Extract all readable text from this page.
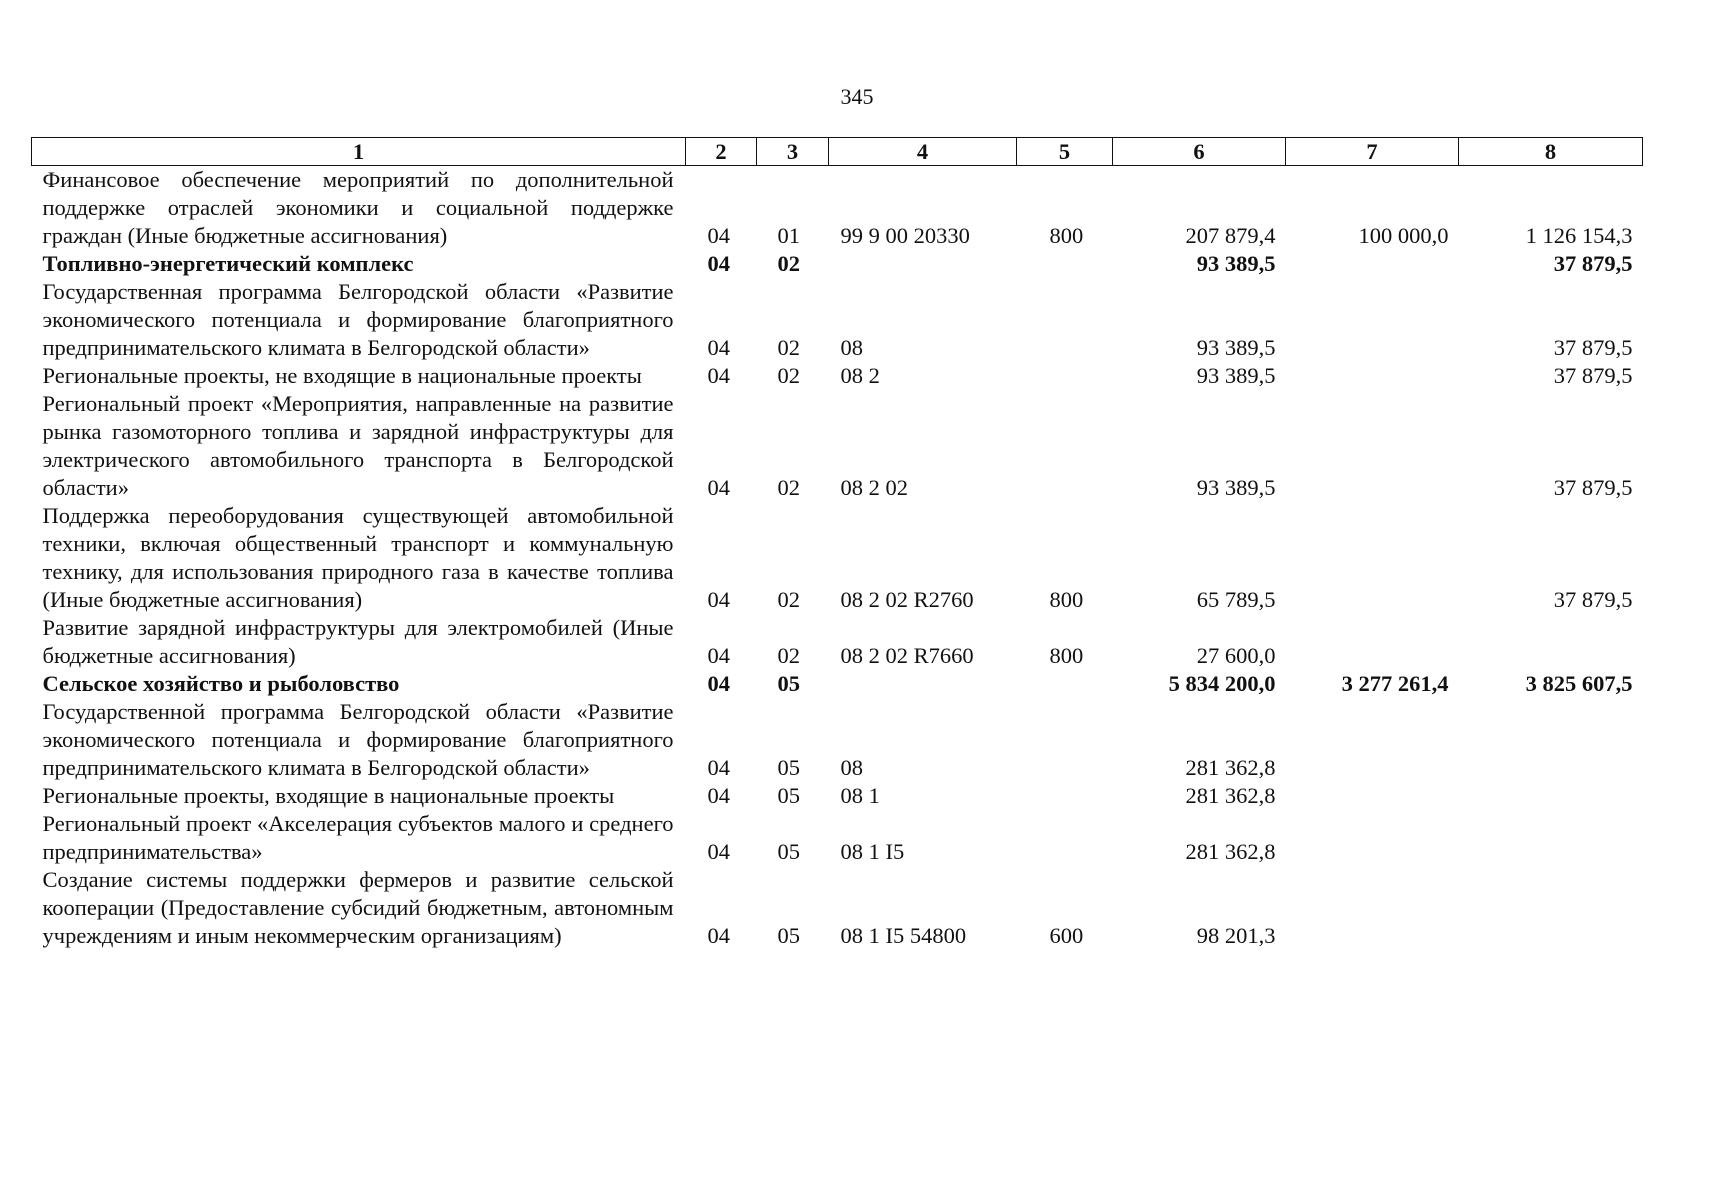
345
1	2	3	4	5	6	7	8
Финансовое обеспечение мероприятий по дополнительной поддержке отраслей экономики и социальной поддержке граждан (Иные бюджетные ассигнования)	04	01	99 9 00 20330	800	207 879,4	100 000,0	1 126 154,3
Топливно-энергетический комплекс	04	02			93 389,5		37 879,5
Государственная программа Белгородской области «Развитие экономического потенциала и формирование благоприятного предпринимательского климата в Белгородской области»	04	02	08		93 389,5		37 879,5
Региональные проекты, не входящие в национальные проекты	04	02	08 2		93 389,5		37 879,5
Региональный проект «Мероприятия, направленные на развитие рынка газомоторного топлива и зарядной инфраструктуры для электрического автомобильного транспорта в Белгородской области»	04	02	08 2 02		93 389,5		37 879,5
Поддержка переоборудования существующей автомобильной техники, включая общественный транспорт и коммунальную технику, для использования природного газа в качестве топлива (Иные бюджетные ассигнования)	04	02	08 2 02 R2760	800	65 789,5		37 879,5
Развитие зарядной инфраструктуры для электромобилей (Иные бюджетные ассигнования)	04	02	08 2 02 R7660	800	27 600,0		
Сельское хозяйство и рыболовство	04	05			5 834 200,0	3 277 261,4	3 825 607,5
Государственной программа Белгородской области «Развитие экономического потенциала и формирование благоприятного предпринимательского климата в Белгородской области»	04	05	08		281 362,8		
Региональные проекты, входящие в национальные проекты	04	05	08 1		281 362,8		
Региональный проект «Акселерация субъектов малого и среднего предпринимательства»	04	05	08 1 I5		281 362,8		
Создание системы поддержки фермеров и развитие сельской кооперации (Предоставление субсидий бюджетным, автономным учреждениям и иным некоммерческим организациям)	04	05	08 1 I5 54800	600	98 201,3		
